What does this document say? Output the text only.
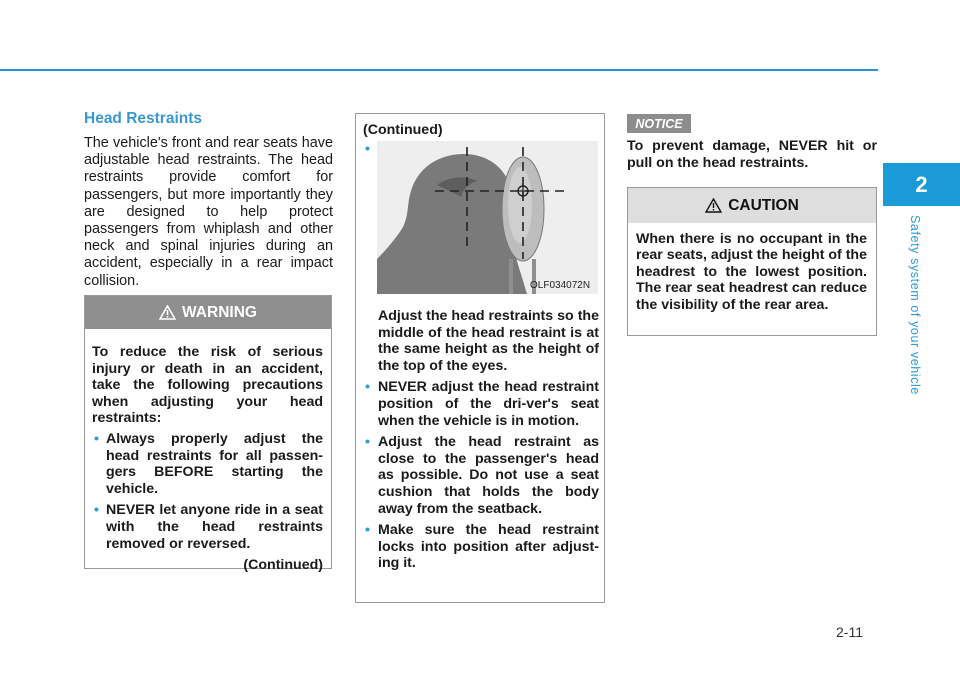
2
Safety system of your vehicle
2-11
Head Restraints

The vehicle's front and rear seats have adjustable head restraints. The head restraints provide comfort for passengers, but more importantly they are designed to help protect passengers from whiplash and other neck and spinal injuries during an accident, especially in a rear impact collision.

WARNING

To reduce the risk of serious injury or death in an accident, take the following precautions when adjusting your head restraints:

• Always properly adjust the head restraints for all passen-gers BEFORE starting the vehicle.
• NEVER let anyone ride in a seat with the head restraints removed or reversed.
(Continued)
(Continued)
•
OLF034072N
Adjust the head restraints so the middle of the head restraint is at the same height as the height of the top of the eyes.
• NEVER adjust the head restraint position of the dri-ver's seat when the vehicle is in motion.
• Adjust the head restraint as close to the passenger's head as possible. Do not use a seat cushion that holds the body away from the seatback.
• Make sure the head restraint locks into position after adjust-ing it.
NOTICE

To prevent damage, NEVER hit or pull on the head restraints.

CAUTION
When there is no occupant in the rear seats, adjust the height of the headrest to the lowest position. The rear seat headrest can reduce the visibility of the rear area.
